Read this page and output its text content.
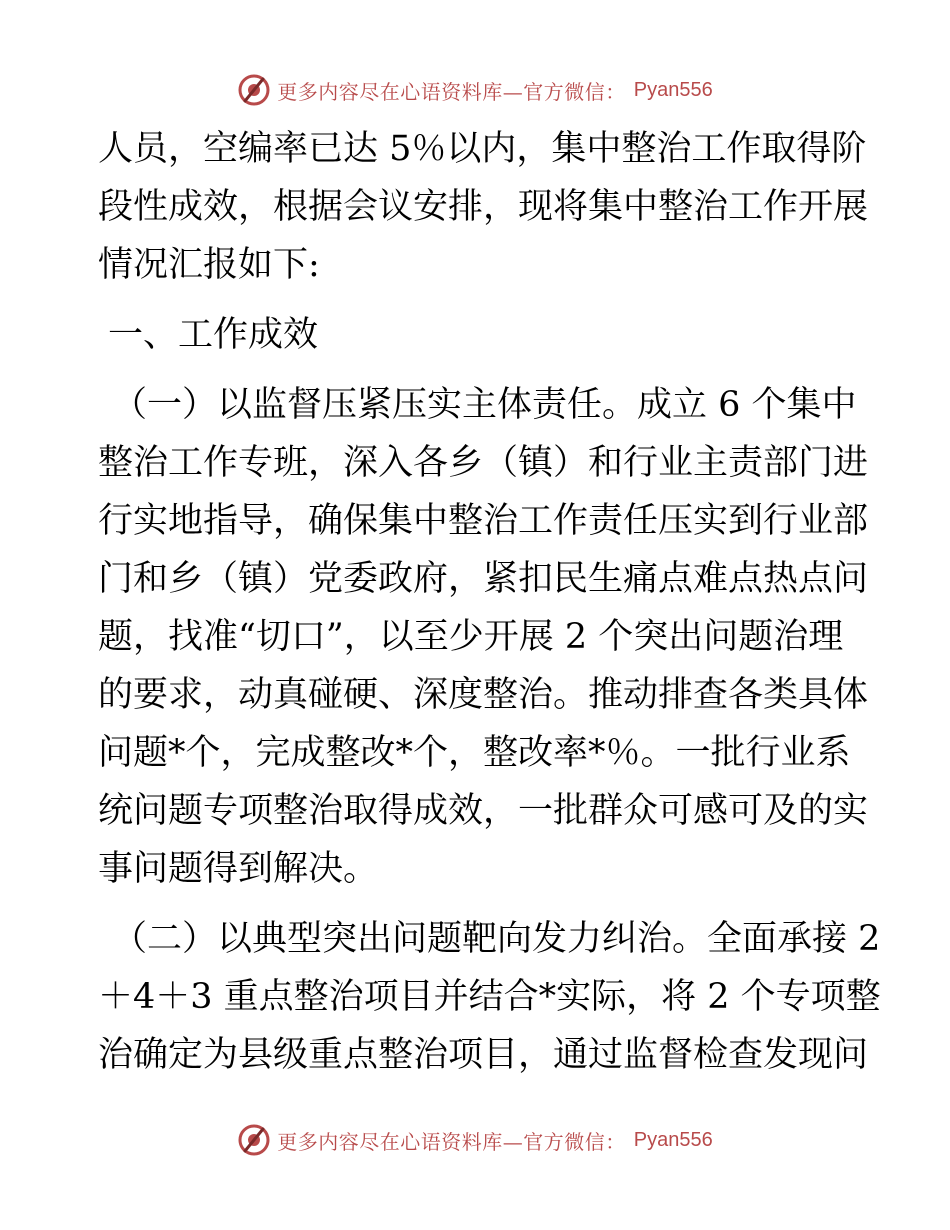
更多内容尽在心语资料库—官方微信： Pyan556
人员，空编率已达 5％以内，集中整治工作取得阶
段性成效，根据会议安排，现将集中整治工作开展
情况汇报如下:
一、工作成效
（一）以监督压紧压实主体责任。成立 6 个集中
整治工作专班，深入各乡（镇）和行业主责部门进
行实地指导，确保集中整治工作责任压实到行业部
门和乡（镇）党委政府，紧扣民生痛点难点热点问
题，找准“切口”，以至少开展 2 个突出问题治理
的要求，动真碰硬、深度整治。推动排查各类具体
问题*个，完成整改*个，整改率*％。一批行业系
统问题专项整治取得成效，一批群众可感可及的实
事问题得到解决。
（二）以典型突出问题靶向发力纠治。全面承接 2
＋4＋3 重点整治项目并结合*实际，将 2 个专项整
治确定为县级重点整治项目，通过监督检查发现问
更多内容尽在心语资料库—官方微信： Pyan556
